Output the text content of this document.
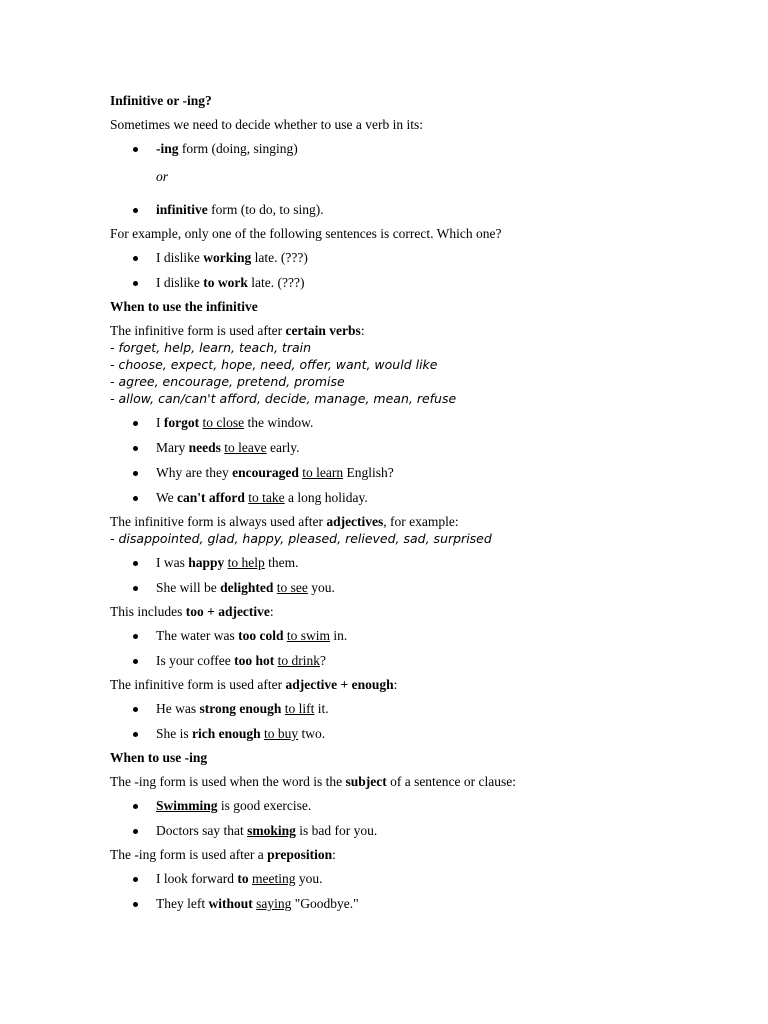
Infinitive or -ing?

Sometimes we need to decide whether to use a verb in its:

-ing form (doing, singing)
or
infinitive form (to do, to sing).

For example, only one of the following sentences is correct. Which one?

I dislike working late. (???)
I dislike to work late. (???)
When to use the infinitive

The infinitive form is used after certain verbs:

- forget, help, learn, teach, train

- choose, expect, hope, need, offer, want, would like

- agree, encourage, pretend, promise

- allow, can/can't afford, decide, manage, mean, refuse

I forgot to close the window.
Mary needs to leave early.
Why are they encouraged to learn English?
We can't afford to take a long holiday.

The infinitive form is always used after adjectives, for example:

- disappointed, glad, happy, pleased, relieved, sad, surprised

I was happy to help them.
She will be delighted to see you.

This includes too + adjective:

The water was too cold to swim in.
Is your coffee too hot to drink?

The infinitive form is used after adjective + enough:

He was strong enough to lift it.
She is rich enough to buy two.
When to use -ing

The -ing form is used when the word is the subject of a sentence or clause:

Swimming is good exercise.
Doctors say that smoking is bad for you.

The -ing form is used after a preposition:

I look forward to meeting you.
They left without saying "Goodbye."
